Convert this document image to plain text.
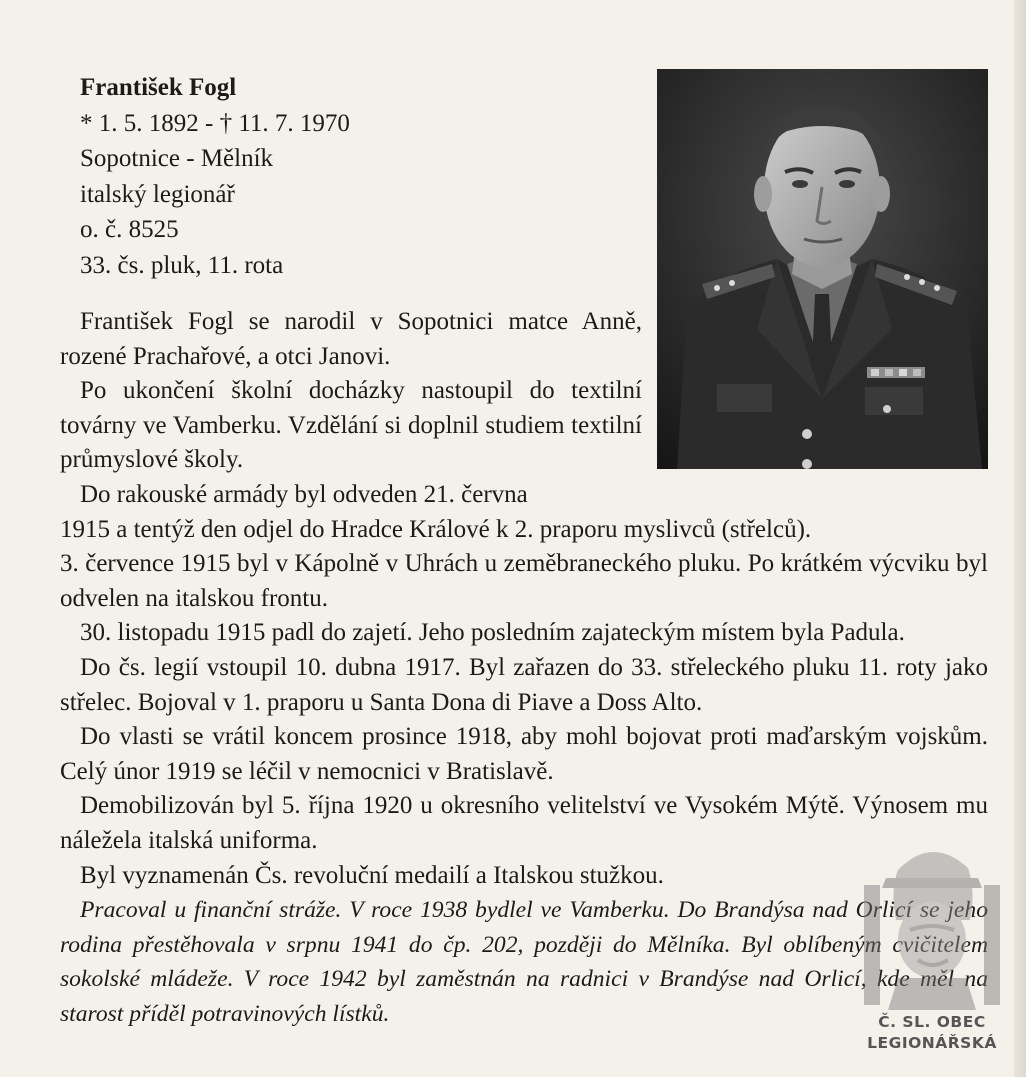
František Fogl
* 1. 5. 1892 - † 11. 7. 1970
Sopotnice - Mělník
italský legionář
o. č. 8525
33. čs. pluk, 11. rota

František Fogl se narodil v Sopotnici matce Anně, rozené Prachařové, a otci Janovi.

Po ukončení školní docházky nastoupil do textilní továrny ve Vamberku. Vzdělání si doplnil studiem textilní průmyslové školy.

Do rakouské armády byl odveden 21. června

1915 a tentýž den odjel do Hradce Králové k 2. praporu myslivců (střelců).

3. července 1915 byl v Kápolně v Uhrách u zeměbraneckého pluku. Po krátkém výcviku byl odvelen na italskou frontu.

30. listopadu 1915 padl do zajetí. Jeho posledním zajateckým místem byla Padula.

Do čs. legií vstoupil 10. dubna 1917. Byl zařazen do 33. střeleckého pluku 11. roty jako střelec. Bojoval v 1. praporu u Santa Dona di Piave a Doss Alto.

Do vlasti se vrátil koncem prosince 1918, aby mohl bojovat proti maďarským vojskům. Celý únor 1919 se léčil v nemocnici v Bratislavě.

Demobilizován byl 5. října 1920 u okresního velitelství ve Vysokém Mýtě. Výnosem mu náležela italská uniforma.

Byl vyznamenán Čs. revoluční medailí a Italskou stužkou.

Pracoval u finanční stráže. V roce 1938 bydlel ve Vamberku. Do Brandýsa nad Orlicí se jeho rodina přestěhovala v srpnu 1941 do čp. 202, později do Mělníka. Byl oblíbeným cvičitelem sokolské mládeže. V roce 1942 byl zaměstnán na radnici v Brandýse nad Orlicí, kde měl na starost příděl potravinových lístků.	Č. SL. OBEC
LEGIONÁŘSKÁ
